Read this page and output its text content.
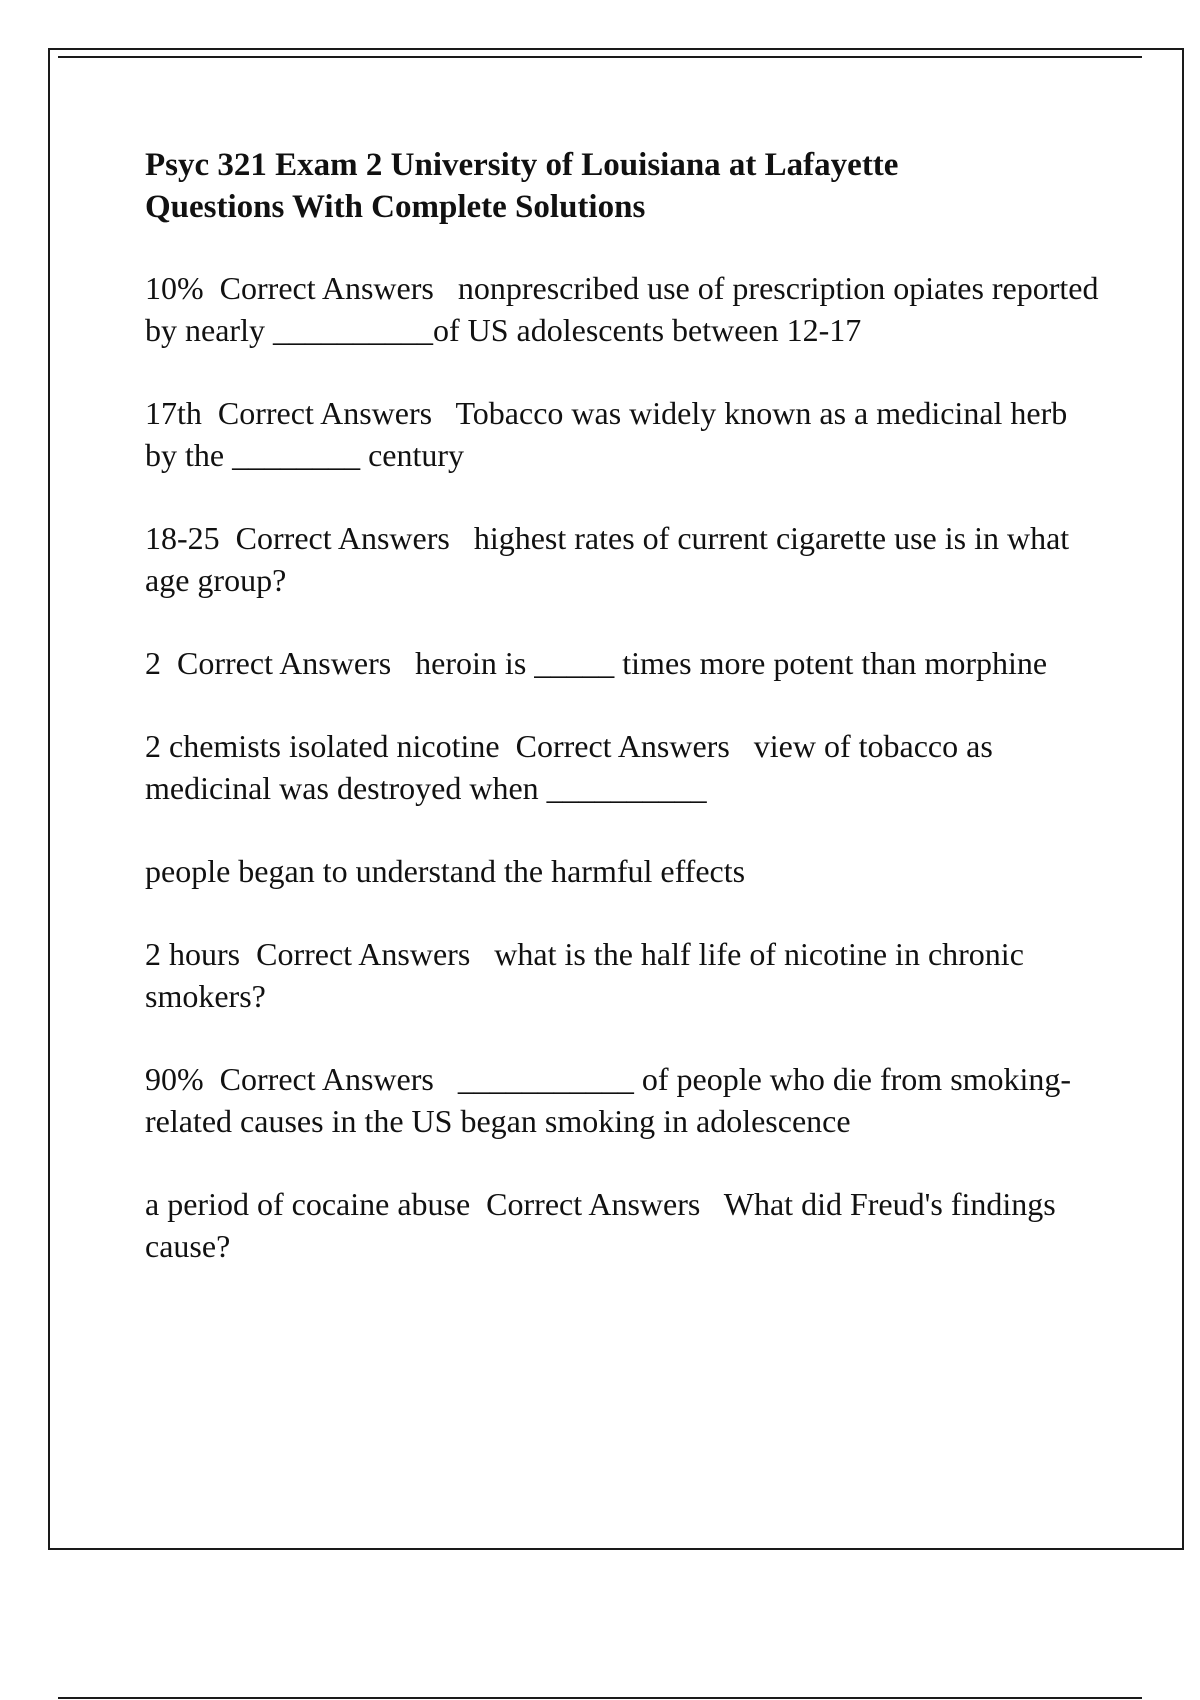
Psyc 321 Exam 2 University of Louisiana at Lafayette
Questions With Complete Solutions
10% Correct Answers nonprescribed use of prescription opiates reported by nearly __________of US adolescents between 12-17
17th Correct Answers Tobacco was widely known as a medicinal herb by the ________ century
18-25 Correct Answers highest rates of current cigarette use is in what age group?
2 Correct Answers heroin is _____ times more potent than morphine
2 chemists isolated nicotine Correct Answers view of tobacco as medicinal was destroyed when __________
people began to understand the harmful effects
2 hours Correct Answers what is the half life of nicotine in chronic smokers?
90% Correct Answers ___________ of people who die from smoking-related causes in the US began smoking in adolescence
a period of cocaine abuse Correct Answers What did Freud's findings cause?
